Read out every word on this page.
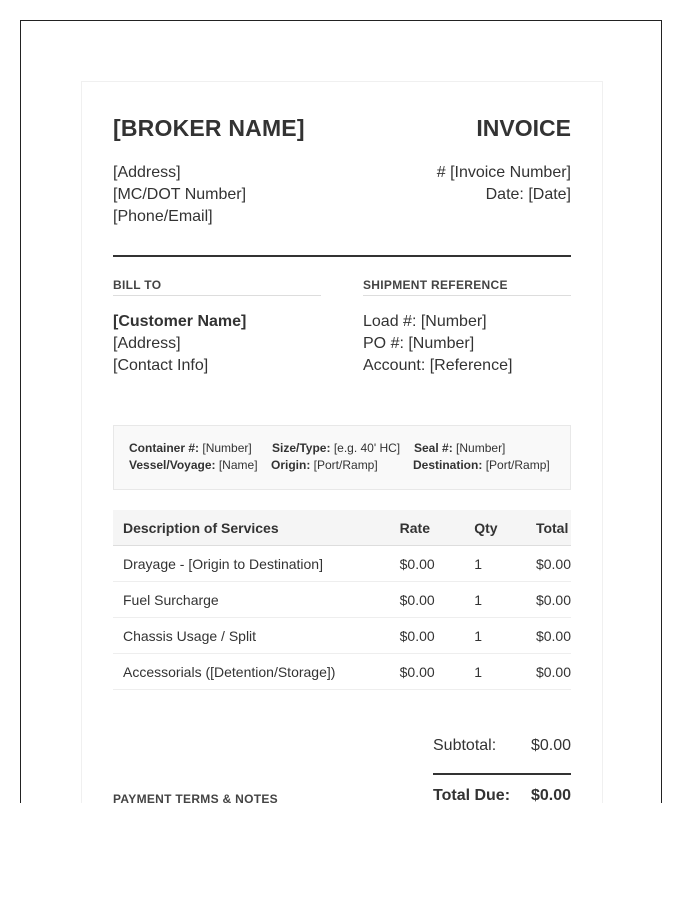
[BROKER NAME]	INVOICE
[Address]
[MC/DOT Number]
[Phone/Email]
# [Invoice Number]
Date: [Date]
BILL TO	SHIPMENT REFERENCE
[Customer Name]
[Address]
[Contact Info]
Load #: [Number]
PO #: [Number]
Account: [Reference]
Container #: [Number] Size/Type: [e.g. 40' HC] Seal #: [Number]
Vessel/Voyage: [Name] Origin: [Port/Ramp]	Destination: [Port/Ramp]
Description of Services	Rate	Qty	Total
Drayage - [Origin to Destination]	$0.00	1	$0.00
Fuel Surcharge	$0.00	1	$0.00
Chassis Usage / Split	$0.00	1	$0.00
Accessorials ([Detention/Storage])	$0.00	1	$0.00
Subtotal: $0.00
Total Due: $0.00
PAYMENT TERMS & NOTES
